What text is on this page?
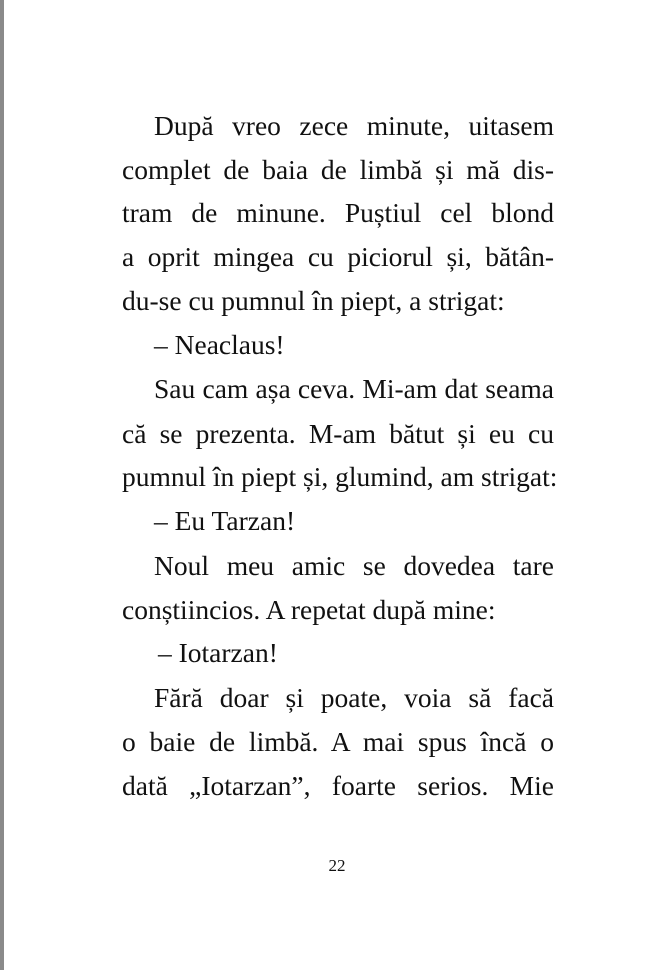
După vreo zece minute, uitasem
complet de baia de limbă și mă dis-
tram de minune. Puștiul cel blond
a oprit mingea cu piciorul și, bătân-
du-se cu pumnul în piept, a strigat:
– Neaclaus!
Sau cam așa ceva. Mi-am dat seama
că se prezenta. M-am bătut și eu cu
pumnul în piept și, glumind, am strigat:
– Eu Tarzan!
Noul meu amic se dovedea tare
conștiincios. A repetat după mine:
– Iotarzan!
Fără doar și poate, voia să facă
o baie de limbă. A mai spus încă o
dată „Iotarzan”, foarte serios. Mie
22
